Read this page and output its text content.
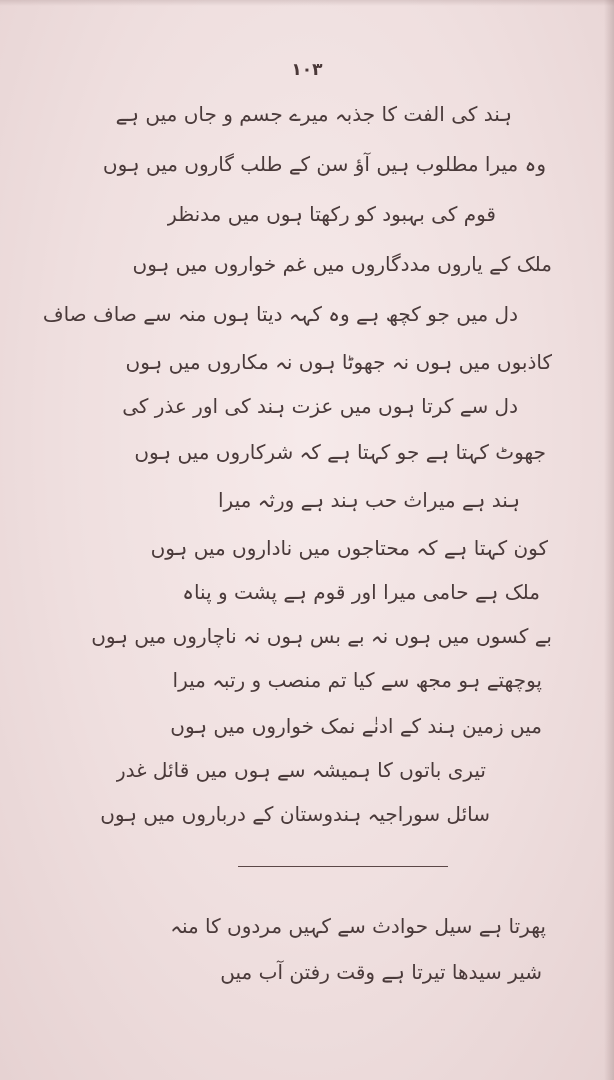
۱۰۳
ہند کی الفت کا جذبہ میرے جسم و جاں میں ہے
وہ میرا مطلوب ہیں آؤ سن کے طلب گاروں میں ہوں
قوم کی بہبود کو رکھتا ہوں میں مدنظر
ملک کے یاروں مددگاروں میں غم خواروں میں ہوں
دل میں جو کچھ ہے وہ کہہ دیتا ہوں منہ سے صاف صاف
کاذبوں میں ہوں نہ جھوٹا ہوں نہ مکاروں میں ہوں
دل سے کرتا ہوں میں عزت ہند کی اور عذر کی
جھوٹ کہتا ہے جو کہتا ہے کہ شرکاروں میں ہوں
ہند ہے میراث حب ہند ہے ورثہ میرا
کون کہتا ہے کہ محتاجوں میں ناداروں میں ہوں
ملک ہے حامی میرا اور قوم ہے پشت و پناہ
بے کسوں میں ہوں نہ بے بس ہوں نہ ناچاروں میں ہوں
پوچھتے ہو مجھ سے کیا تم منصب و رتبہ میرا
میں زمین ہند کے ادنٰے نمک خواروں میں ہوں
تیری باتوں کا ہمیشہ سے ہوں میں قائل غدر
سائل سوراجیہ ہندوستان کے درباروں میں ہوں
پھرتا ہے سیل حوادث سے کہیں مردوں کا منہ
شیر سیدھا تیرتا ہے وقت رفتن آب میں
